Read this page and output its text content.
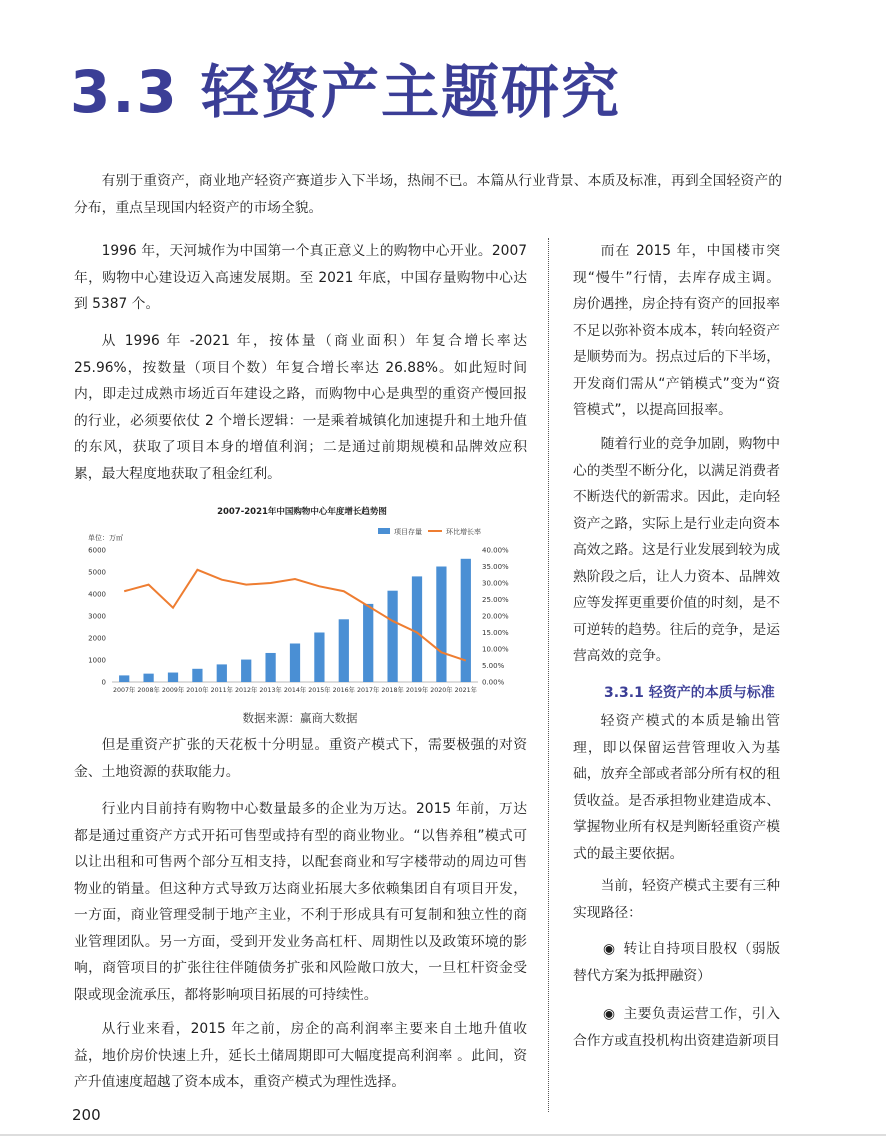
3.3 轻资产主题研究

有别于重资产，商业地产轻资产赛道步入下半场，热闹不已。本篇从行业背景、本质及标准，再到全国轻资产的分布，重点呈现国内轻资产的市场全貌。

1996 年，天河城作为中国第一个真正意义上的购物中心开业。2007 年，购物中心建设迈入高速发展期。至 2021 年底，中国存量购物中心达到 5387 个。

从 1996 年 -2021 年，按体量（商业面积）年复合增长率达 25.96%，按数量（项目个数）年复合增长率达 26.88%。如此短时间内，即走过成熟市场近百年建设之路，而购物中心是典型的重资产慢回报的行业，必须要依仗 2 个增长逻辑：一是乘着城镇化加速提升和土地升值的东风，获取了项目本身的增值利润；二是通过前期规模和品牌效应积累，最大程度地获取了租金红利。

2007-2021年中国购物中心年度增长趋势图
单位：万㎡
项目存量	环比增长率
0
1000
2000
3000
4000
5000
6000
0.00%
5.00%
10.00%
15.00%
20.00%
25.00%
30.00%
35.00%
40.00%
2007年 2008年 2009年 2010年 2011年 2012年 2013年 2014年 2015年 2016年 2017年 2018年 2019年 2020年 2021年
数据来源：赢商大数据

但是重资产扩张的天花板十分明显。重资产模式下，需要极强的对资金、土地资源的获取能力。

行业内目前持有购物中心数量最多的企业为万达。2015 年前，万达都是通过重资产方式开拓可售型或持有型的商业物业。“以售养租”模式可以让出租和可售两个部分互相支持，以配套商业和写字楼带动的周边可售物业的销量。但这种方式导致万达商业拓展大多依赖集团自有项目开发，一方面，商业管理受制于地产主业，不利于形成具有可复制和独立性的商业管理团队。另一方面，受到开发业务高杠杆、周期性以及政策环境的影响，商管项目的扩张往往伴随债务扩张和风险敞口放大，一旦杠杆资金受限或现金流承压，都将影响项目拓展的可持续性。

从行业来看，2015 年之前，房企的高利润率主要来自土地升值收益，地价房价快速上升，延长土储周期即可大幅度提高利润率 。此间，资产升值速度超越了资本成本，重资产模式为理性选择。

而在 2015 年，中国楼市突现“慢牛”行情，去库存成主调。房价遇挫，房企持有资产的回报率不足以弥补资本成本，转向轻资产是顺势而为。拐点过后的下半场，开发商们需从“产销模式”变为“资管模式”，以提高回报率。

随着行业的竞争加剧，购物中心的类型不断分化，以满足消费者不断迭代的新需求。因此，走向轻资产之路，实际上是行业走向资本高效之路。这是行业发展到较为成熟阶段之后，让人力资本、品牌效应等发挥更重要价值的时刻，是不可逆转的趋势。往后的竞争，是运营高效的竞争。

3.3.1 轻资产的本质与标准

轻资产模式的本质是输出管理，即以保留运营管理收入为基础，放弃全部或者部分所有权的租赁收益。是否承担物业建造成本、掌握物业所有权是判断轻重资产模式的最主要依据。

当前，轻资产模式主要有三种实现路径：

◉ 转让自持项目股权（弱版替代方案为抵押融资）

◉ 主要负责运营工作，引入合作方或直投机构出资建造新项目

200
